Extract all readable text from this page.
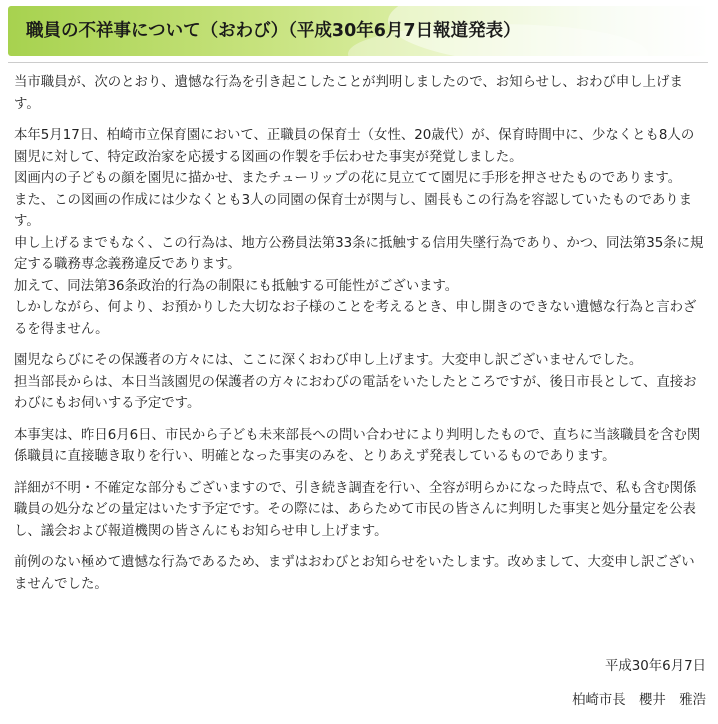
職員の不祥事について（おわび）（平成30年6月7日報道発表）

当市職員が、次のとおり、遺憾な行為を引き起こしたことが判明しましたので、お知らせし、おわび申し上げます。

本年5月17日、柏崎市立保育園において、正職員の保育士（女性、20歳代）が、保育時間中に、少なくとも8人の園児に対して、特定政治家を応援する図画の作製を手伝わせた事実が発覚しました。
図画内の子どもの顔を園児に描かせ、またチューリップの花に見立てて園児に手形を押させたものであります。
また、この図画の作成には少なくとも3人の同園の保育士が関与し、園長もこの行為を容認していたものであります。
申し上げるまでもなく、この行為は、地方公務員法第33条に抵触する信用失墜行為であり、かつ、同法第35条に規定する職務専念義務違反であります。
加えて、同法第36条政治的行為の制限にも抵触する可能性がございます。
しかしながら、何より、お預かりした大切なお子様のことを考えるとき、申し開きのできない遺憾な行為と言わざるを得ません。

園児ならびにその保護者の方々には、ここに深くおわび申し上げます。大変申し訳ございませんでした。
担当部長からは、本日当該園児の保護者の方々におわびの電話をいたしたところですが、後日市長として、直接おわびにもお伺いする予定です。

本事実は、昨日6月6日、市民から子ども未来部長への問い合わせにより判明したもので、直ちに当該職員を含む関係職員に直接聴き取りを行い、明確となった事実のみを、とりあえず発表しているものであります。

詳細が不明・不確定な部分もございますので、引き続き調査を行い、全容が明らかになった時点で、私も含む関係職員の処分などの量定はいたす予定です。その際には、あらためて市民の皆さんに判明した事実と処分量定を公表し、議会および報道機関の皆さんにもお知らせ申し上げます。

前例のない極めて遺憾な行為であるため、まずはおわびとお知らせをいたします。改めまして、大変申し訳ございませんでした。

平成30年6月7日
柏崎市長　櫻井　雅浩
